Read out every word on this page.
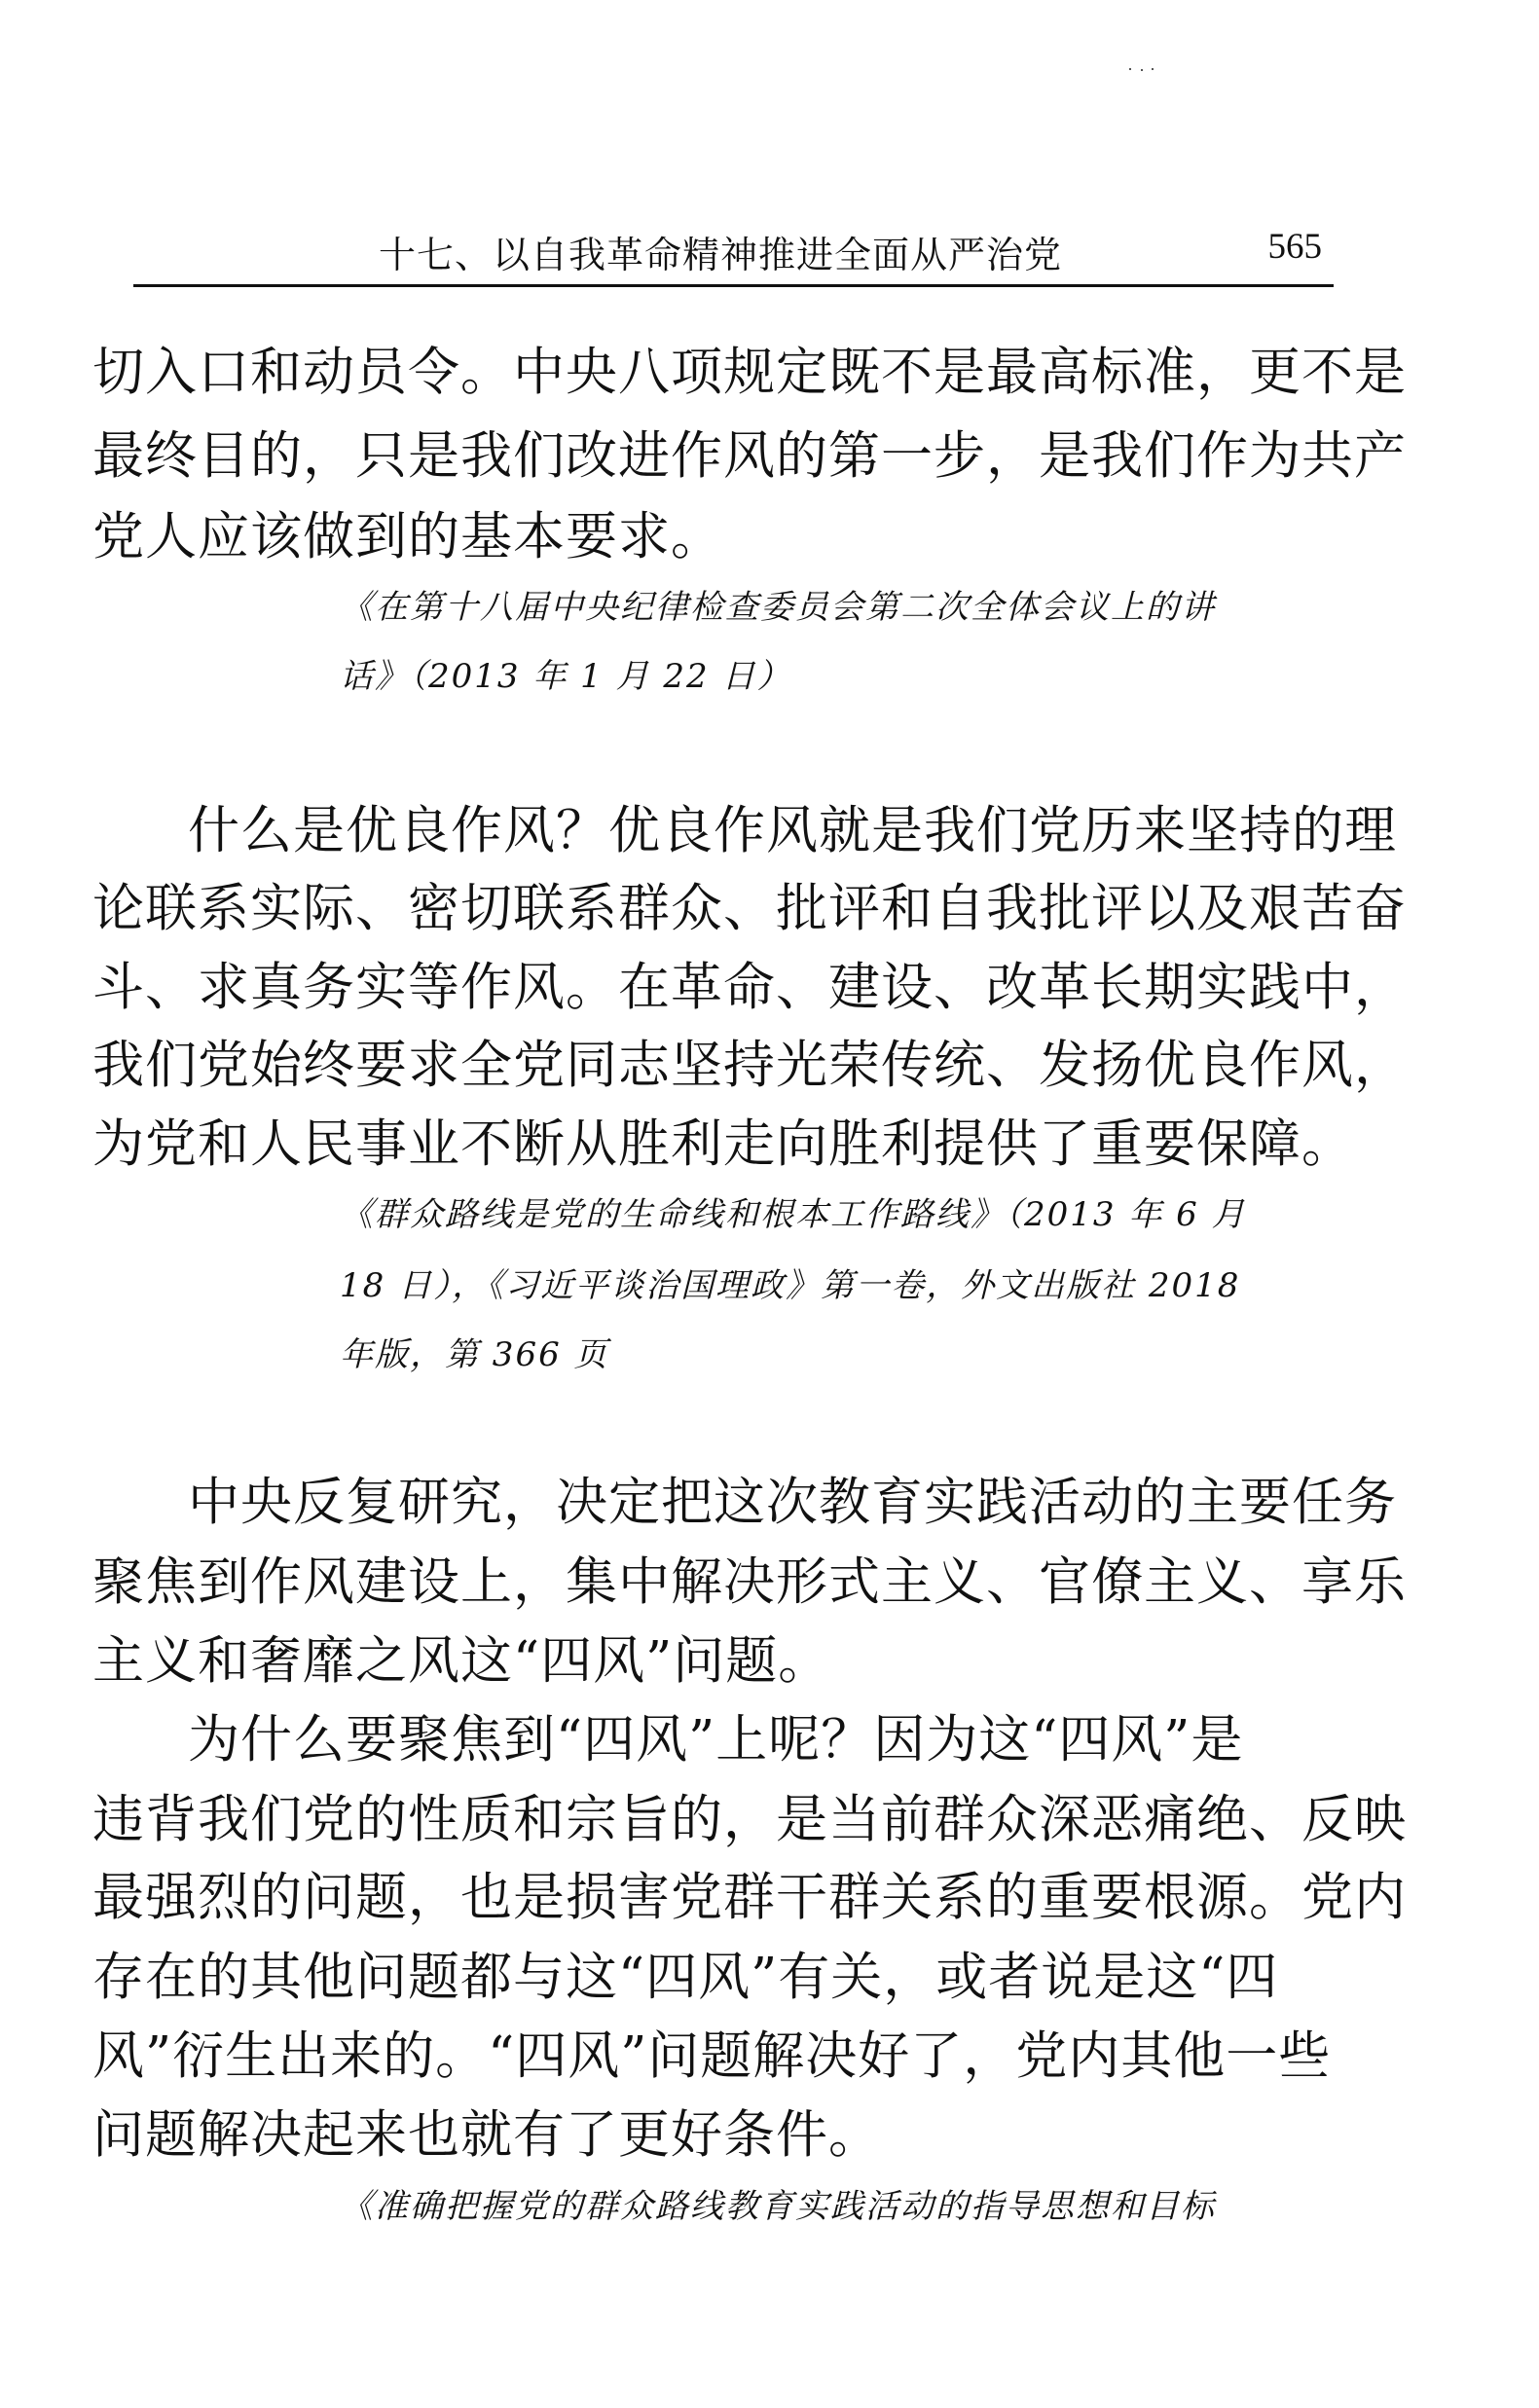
十七、以自我革命精神推进全面从严治党	565
切入口和动员令。中央八项规定既不是最高标准，更不是
最终目的，只是我们改进作风的第一步，是我们作为共产
党人应该做到的基本要求。
《在第十八届中央纪律检查委员会第二次全体会议上的讲
话》（2013 年 1 月 22 日）
什么是优良作风？优良作风就是我们党历来坚持的理
论联系实际、密切联系群众、批评和自我批评以及艰苦奋
斗、求真务实等作风。在革命、建设、改革长期实践中，
我们党始终要求全党同志坚持光荣传统、发扬优良作风，
为党和人民事业不断从胜利走向胜利提供了重要保障。
《群众路线是党的生命线和根本工作路线》（2013 年 6 月
18 日），《习近平谈治国理政》第一卷，外文出版社 2018
年版，第 366 页
中央反复研究，决定把这次教育实践活动的主要任务
聚焦到作风建设上，集中解决形式主义、官僚主义、享乐
主义和奢靡之风这“四风”问题。
为什么要聚焦到“四风”上呢？因为这“四风”是
违背我们党的性质和宗旨的，是当前群众深恶痛绝、反映
最强烈的问题，也是损害党群干群关系的重要根源。党内
存在的其他问题都与这“四风”有关，或者说是这“四
风”衍生出来的。“四风”问题解决好了，党内其他一些
问题解决起来也就有了更好条件。
《准确把握党的群众路线教育实践活动的指导思想和目标
